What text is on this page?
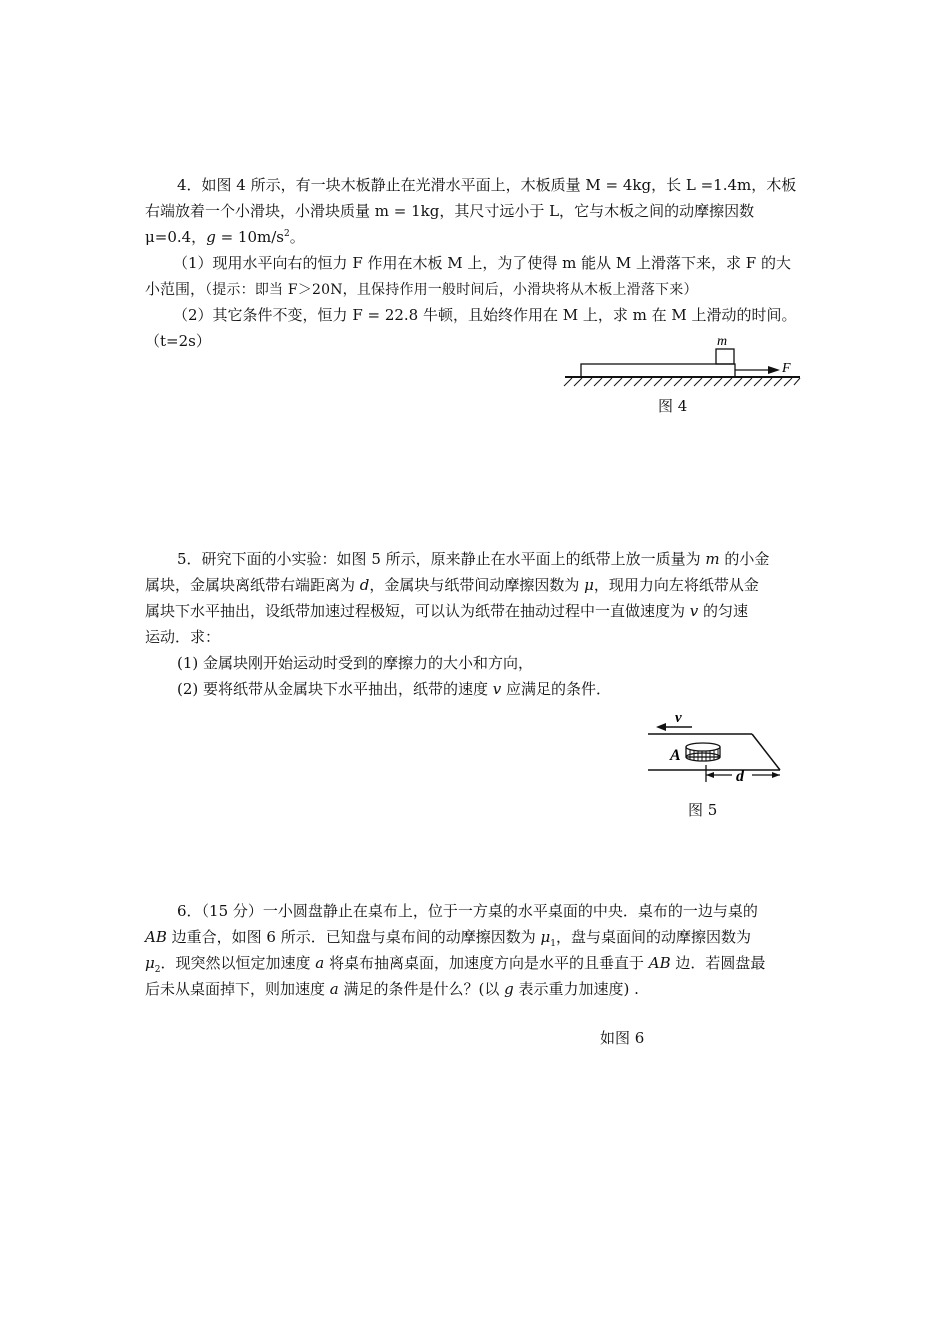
4．如图 4 所示，有一块木板静止在光滑水平面上，木板质量 M = 4kg，长 L =1.4m，木板
右端放着一个小滑块，小滑块质量 m = 1kg，其尺寸远小于 L，它与木板之间的动摩擦因数
μ=0.4，$g = 10m/s^2$。
（1）现用水平向右的恒力 F 作用在木板 M 上，为了使得 m 能从 M 上滑落下来，求 F 的大
小范围，（提示：即当 F＞20N，且保持作用一般时间后，小滑块将从木板上滑落下来）
（2）其它条件不变，恒力 F = 22.8 牛顿，且始终作用在 M 上，求 m 在 M 上滑动的时间。
（t=2s）	m
F
图 4
5．研究下面的小实验：如图 5 所示，原来静止在水平面上的纸带上放一质量为 m 的小金
属块，金属块离纸带右端距离为 d，金属块与纸带间动摩擦因数为 μ，现用力向左将纸带从金
属块下水平抽出，设纸带加速过程极短，可以认为纸带在抽动过程中一直做速度为 v 的匀速
运动．求：
(1) 金属块刚开始运动时受到的摩擦力的大小和方向，
(2) 要将纸带从金属块下水平抽出，纸带的速度 v 应满足的条件．
v
A
d
图 5
6．（15 分）一小圆盘静止在桌布上，位于一方桌的水平桌面的中央．桌布的一边与桌的
AB 边重合，如图 6 所示．已知盘与桌布间的动摩擦因数为 $\mu_1$，盘与桌面间的动摩擦因数为
$\mu_2$．现突然以恒定加速度 a 将桌布抽离桌面，加速度方向是水平的且垂直于 AB 边．若圆盘最
后未从桌面掉下，则加速度 a 满足的条件是什么？(以 g 表示重力加速度) .
如图 6
